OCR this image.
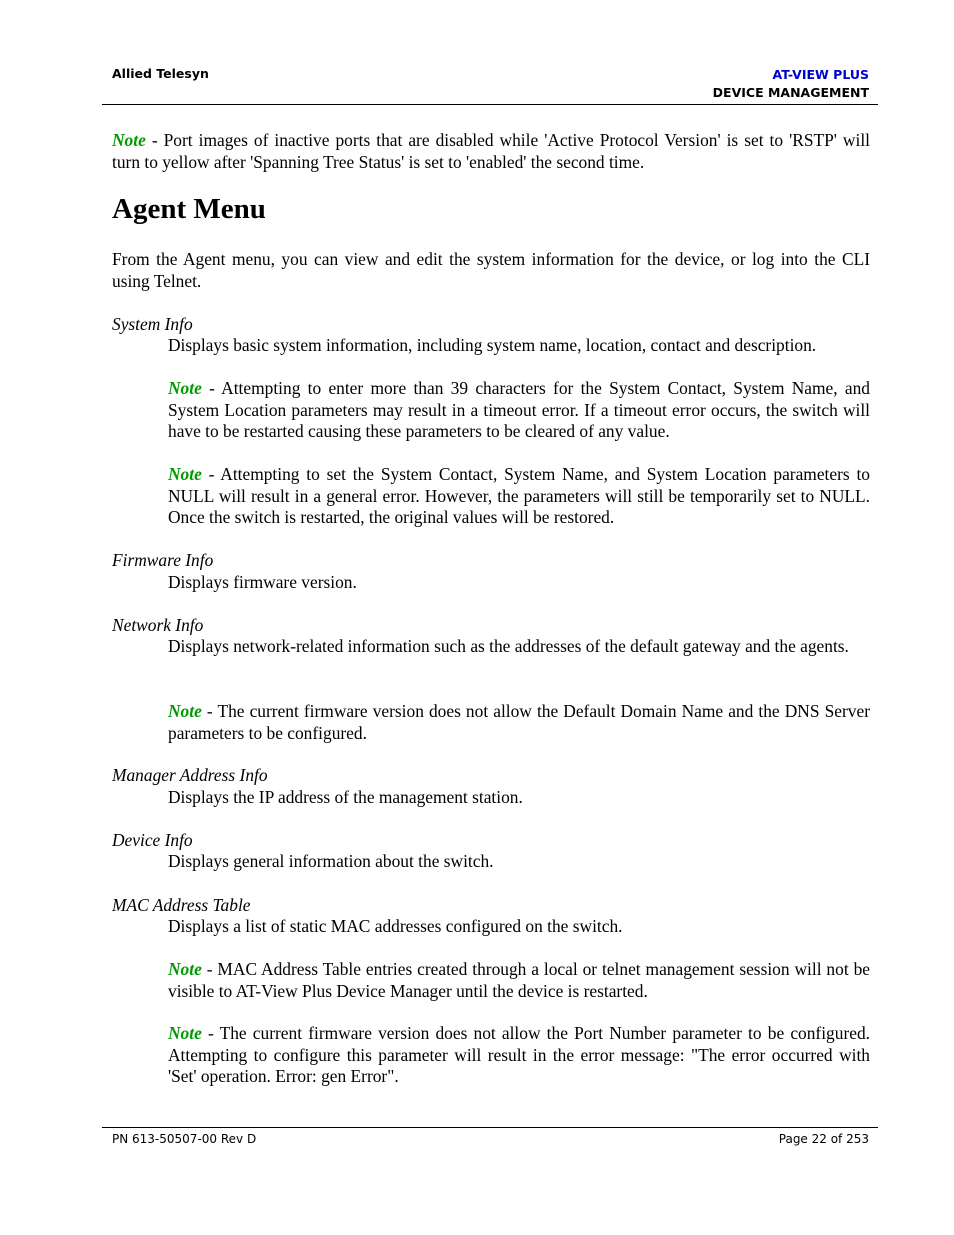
Allied Telesyn	AT-VIEW PLUS
DEVICE MANAGEMENT
Note - Port images of inactive ports that are disabled while 'Active Protocol Version' is set to 'RSTP' will turn to yellow after 'Spanning Tree Status' is set to 'enabled' the second time.
Agent Menu
From the Agent menu, you can view and edit the system information for the device, or log into the CLI using Telnet.
System Info
Displays basic system information, including system name, location, contact and description.
Note - Attempting to enter more than 39 characters for the System Contact, System Name, and System Location parameters may result in a timeout error. If a timeout error occurs, the switch will have to be restarted causing these parameters to be cleared of any value.
Note - Attempting to set the System Contact, System Name, and System Location parameters to NULL will result in a general error. However, the parameters will still be temporarily set to NULL. Once the switch is restarted, the original values will be restored.
Firmware Info
Displays firmware version.
Network Info
Displays network-related information such as the addresses of the default gateway and the agents.
Note - The current firmware version does not allow the Default Domain Name and the DNS Server parameters to be configured.
Manager Address Info
Displays the IP address of the management station.
Device Info
Displays general information about the switch.
MAC Address Table
Displays a list of static MAC addresses configured on the switch.
Note - MAC Address Table entries created through a local or telnet management session will not be visible to AT-View Plus Device Manager until the device is restarted.
Note - The current firmware version does not allow the Port Number parameter to be configured. Attempting to configure this parameter will result in the error message: "The error occurred with 'Set' operation. Error: gen Error".
PN 613-50507-00 Rev D	Page 22 of 253
